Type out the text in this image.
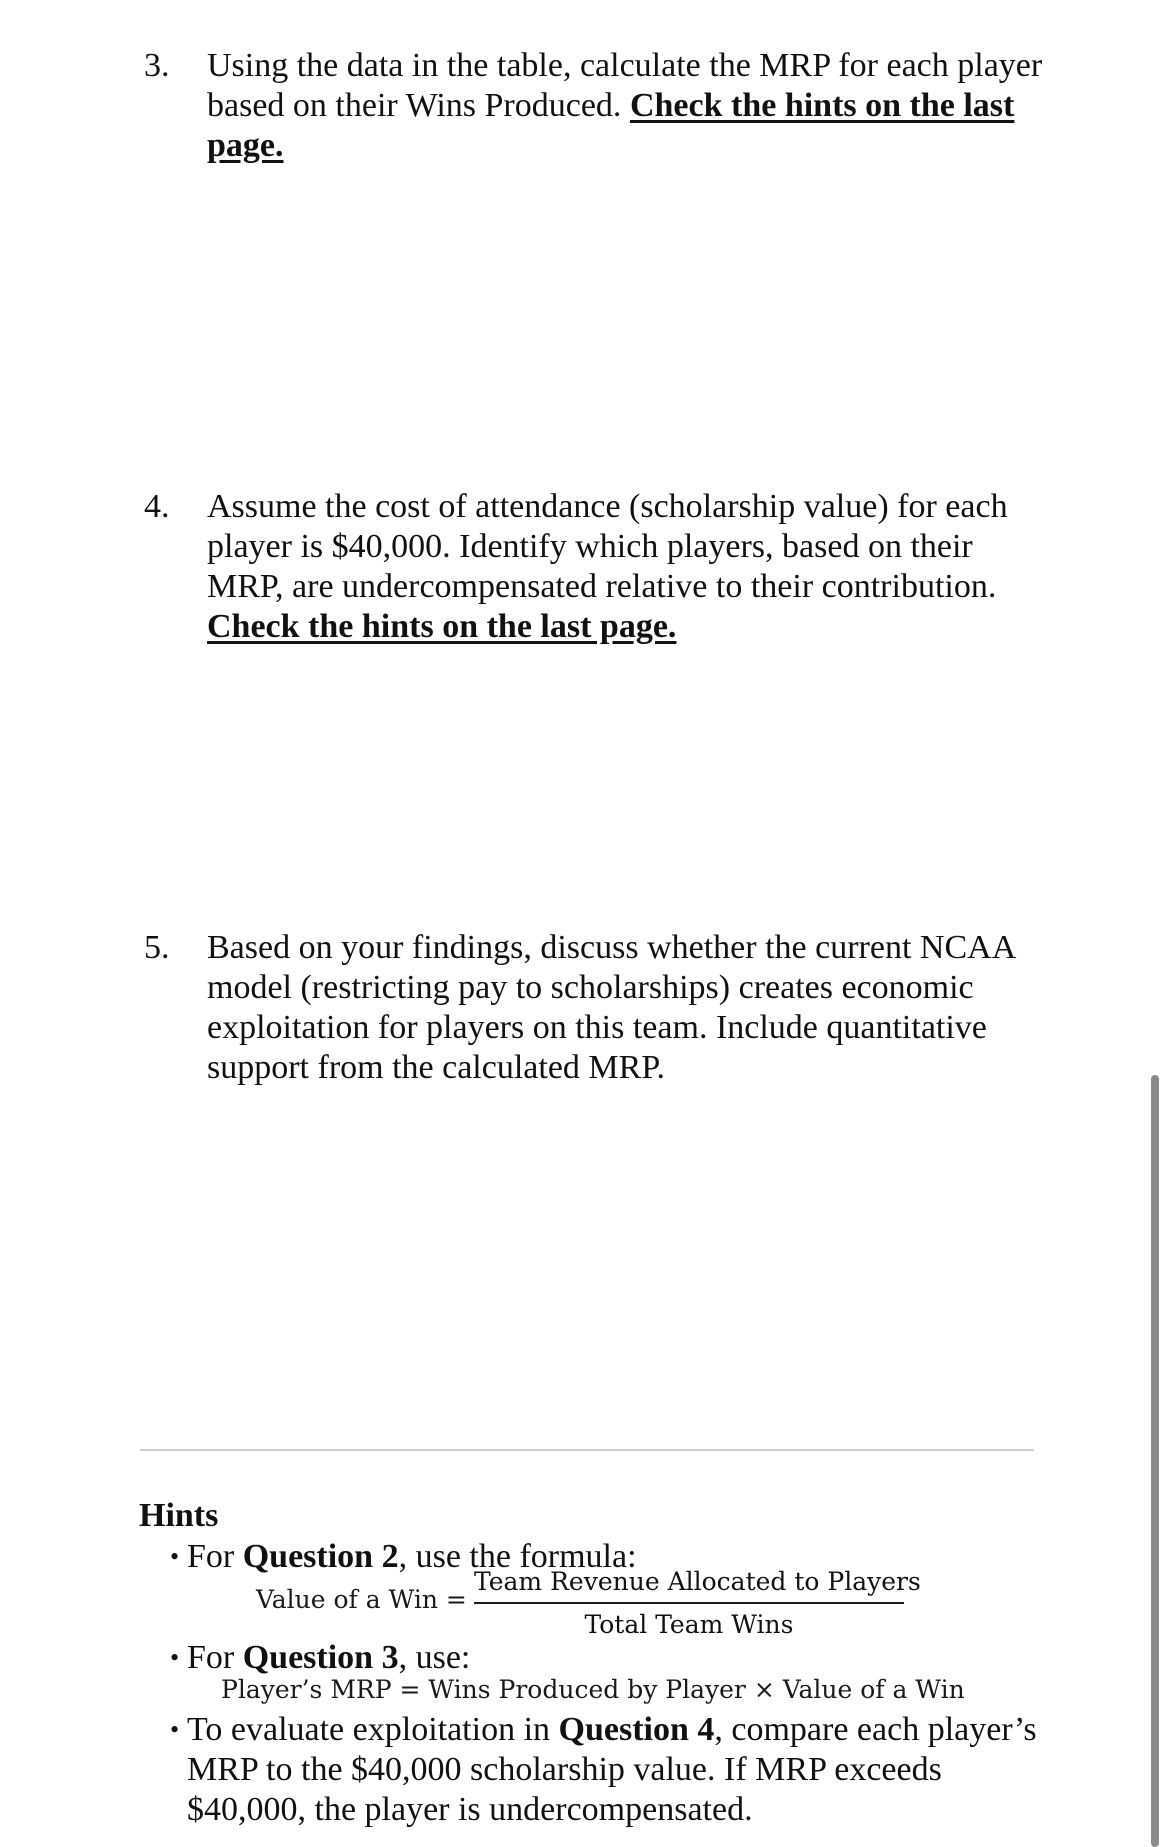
3. Using the data in the table, calculate the MRP for each player based on their Wins Produced. Check the hints on the last page.
4. Assume the cost of attendance (scholarship value) for each player is $40,000. Identify which players, based on their MRP, are undercompensated relative to their contribution.
Check the hints on the last page.
5. Based on your findings, discuss whether the current NCAA model (restricting pay to scholarships) creates economic exploitation for players on this team. Include quantitative support from the calculated MRP.
Hints
• For Question 2, use the formula:
Value of a Win =
Team Revenue Allocated to Players
Total Team Wins
• For Question 3, use:
Player’s MRP = Wins Produced by Player × Value of a Win
• To evaluate exploitation in Question 4, compare each player’s MRP to the $40,000 scholarship value. If MRP exceeds $40,000, the player is undercompensated.
